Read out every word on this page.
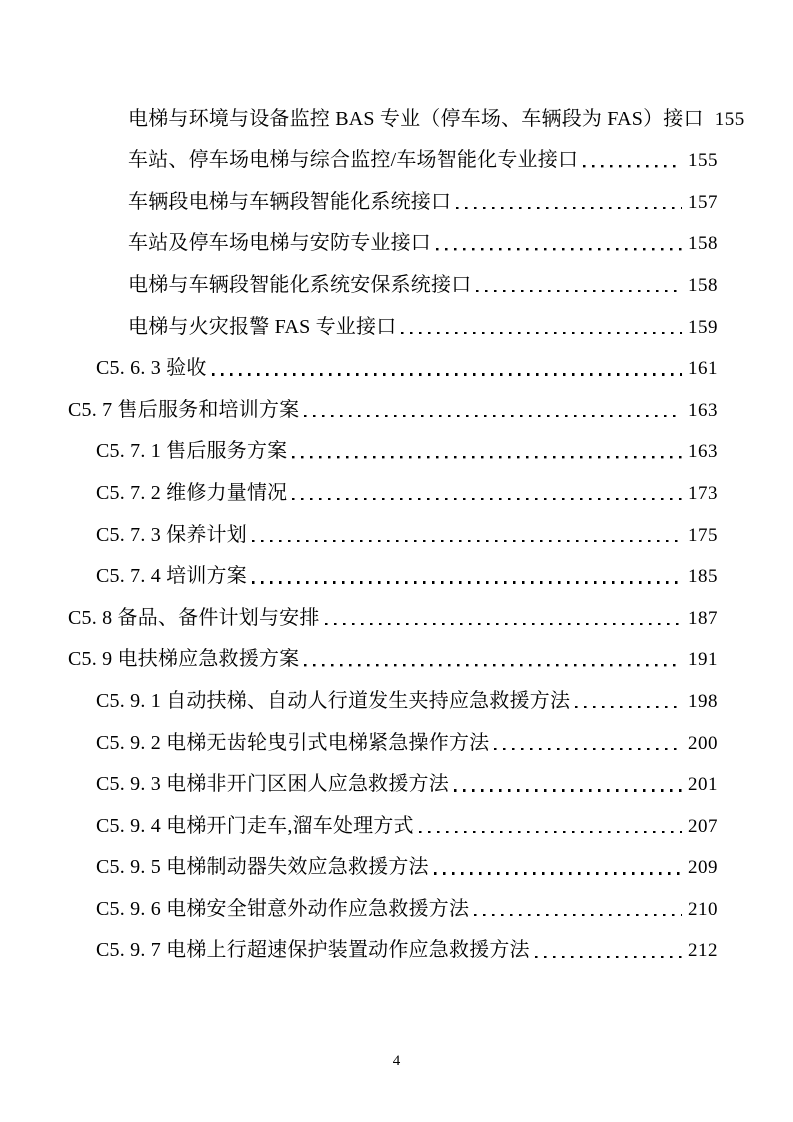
电梯与环境与设备监控 BAS 专业（停车场、车辆段为 FAS）接口 155
车站、停车场电梯与综合监控/车场智能化专业接口	155
车辆段电梯与车辆段智能化系统接口	157
车站及停车场电梯与安防专业接口	158
电梯与车辆段智能化系统安保系统接口	158
电梯与火灾报警 FAS 专业接口	159
C5. 6. 3 验收	161
C5. 7 售后服务和培训方案	163
C5. 7. 1 售后服务方案	163
C5. 7. 2 维修力量情况	173
C5. 7. 3 保养计划	175
C5. 7. 4 培训方案	185
C5. 8 备品、备件计划与安排	187
C5. 9 电扶梯应急救援方案	191
C5. 9. 1 自动扶梯、自动人行道发生夹持应急救援方法	198
C5. 9. 2 电梯无齿轮曳引式电梯紧急操作方法	200
C5. 9. 3 电梯非开门区困人应急救援方法	201
C5. 9. 4 电梯开门走车,溜车处理方式	207
C5. 9. 5 电梯制动器失效应急救援方法	209
C5. 9. 6 电梯安全钳意外动作应急救援方法	210
C5. 9. 7 电梯上行超速保护装置动作应急救援方法	212
4
